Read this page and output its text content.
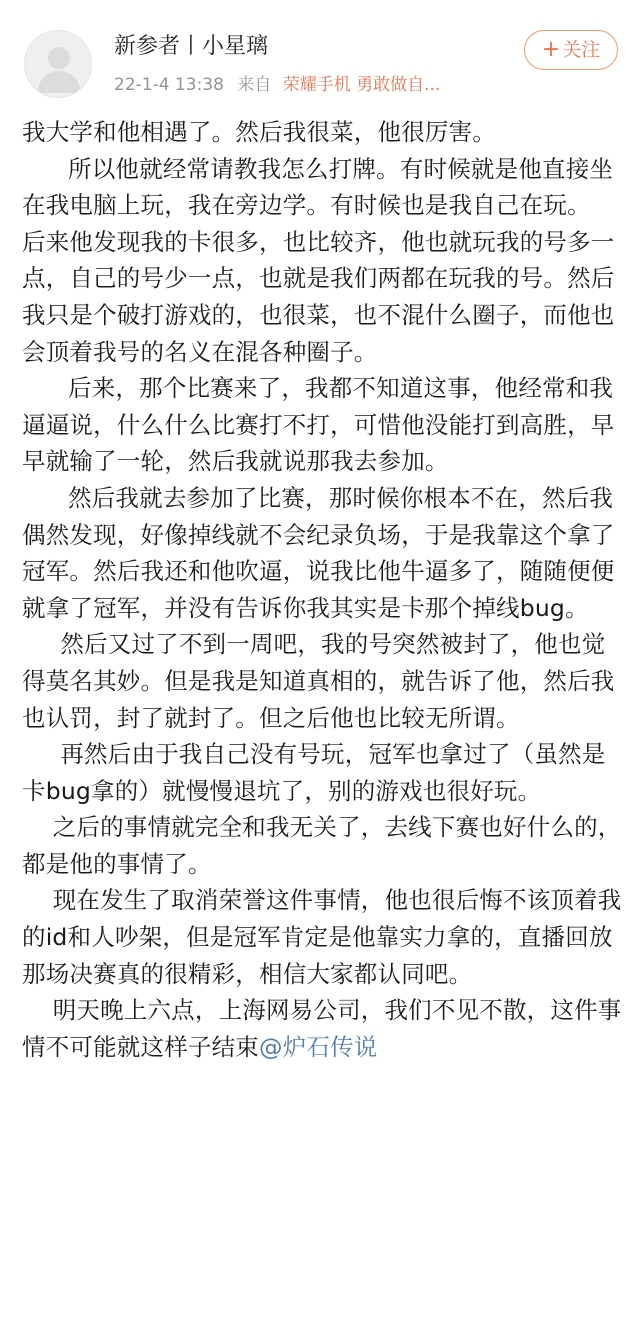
新参者丨小星璃
22-1-4 13:38 来自 荣耀手机 勇敢做自...
+ 关注

我大学和他相遇了。然后我很菜，他很厉害。

所以他就经常请教我怎么打牌。有时候就是他直接坐在我电脑上玩，我在旁边学。有时候也是我自己在玩。

后来他发现我的卡很多，也比较齐，他也就玩我的号多一点，自己的号少一点，也就是我们两都在玩我的号。然后我只是个破打游戏的，也很菜，也不混什么圈子，而他也会顶着我号的名义在混各种圈子。

后来，那个比赛来了，我都不知道这事，他经常和我逼逼说，什么什么比赛打不打，可惜他没能打到高胜，早早就输了一轮，然后我就说那我去参加。

然后我就去参加了比赛，那时候你根本不在，然后我偶然发现，好像掉线就不会纪录负场，于是我靠这个拿了冠军。然后我还和他吹逼，说我比他牛逼多了，随随便便就拿了冠军，并没有告诉你我其实是卡那个掉线bug。

然后又过了不到一周吧，我的号突然被封了，他也觉得莫名其妙。但是我是知道真相的，就告诉了他，然后我也认罚，封了就封了。但之后他也比较无所谓。

再然后由于我自己没有号玩，冠军也拿过了（虽然是卡bug拿的）就慢慢退坑了，别的游戏也很好玩。

之后的事情就完全和我无关了，去线下赛也好什么的，都是他的事情了。

现在发生了取消荣誉这件事情，他也很后悔不该顶着我的id和人吵架，但是冠军肯定是他靠实力拿的，直播回放那场决赛真的很精彩，相信大家都认同吧。

明天晚上六点，上海网易公司，我们不见不散，这件事情不可能就这样子结束@炉石传说
